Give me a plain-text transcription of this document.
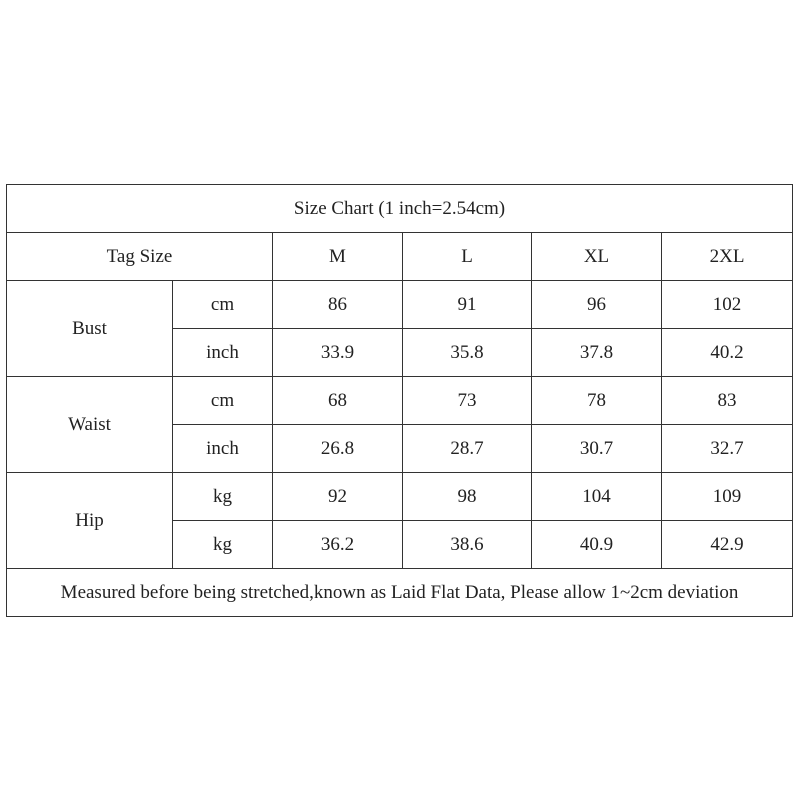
Size Chart (1 inch=2.54cm)					
Tag Size		M	L	XL	2XL
Bust	cm	86	91	96	102
	inch	33.9	35.8	37.8	40.2
Waist	cm	68	73	78	83
	inch	26.8	28.7	30.7	32.7
Hip	kg	92	98	104	109
	kg	36.2	38.6	40.9	42.9
Measured before being stretched,known as Laid Flat Data, Please allow 1~2cm deviation					
